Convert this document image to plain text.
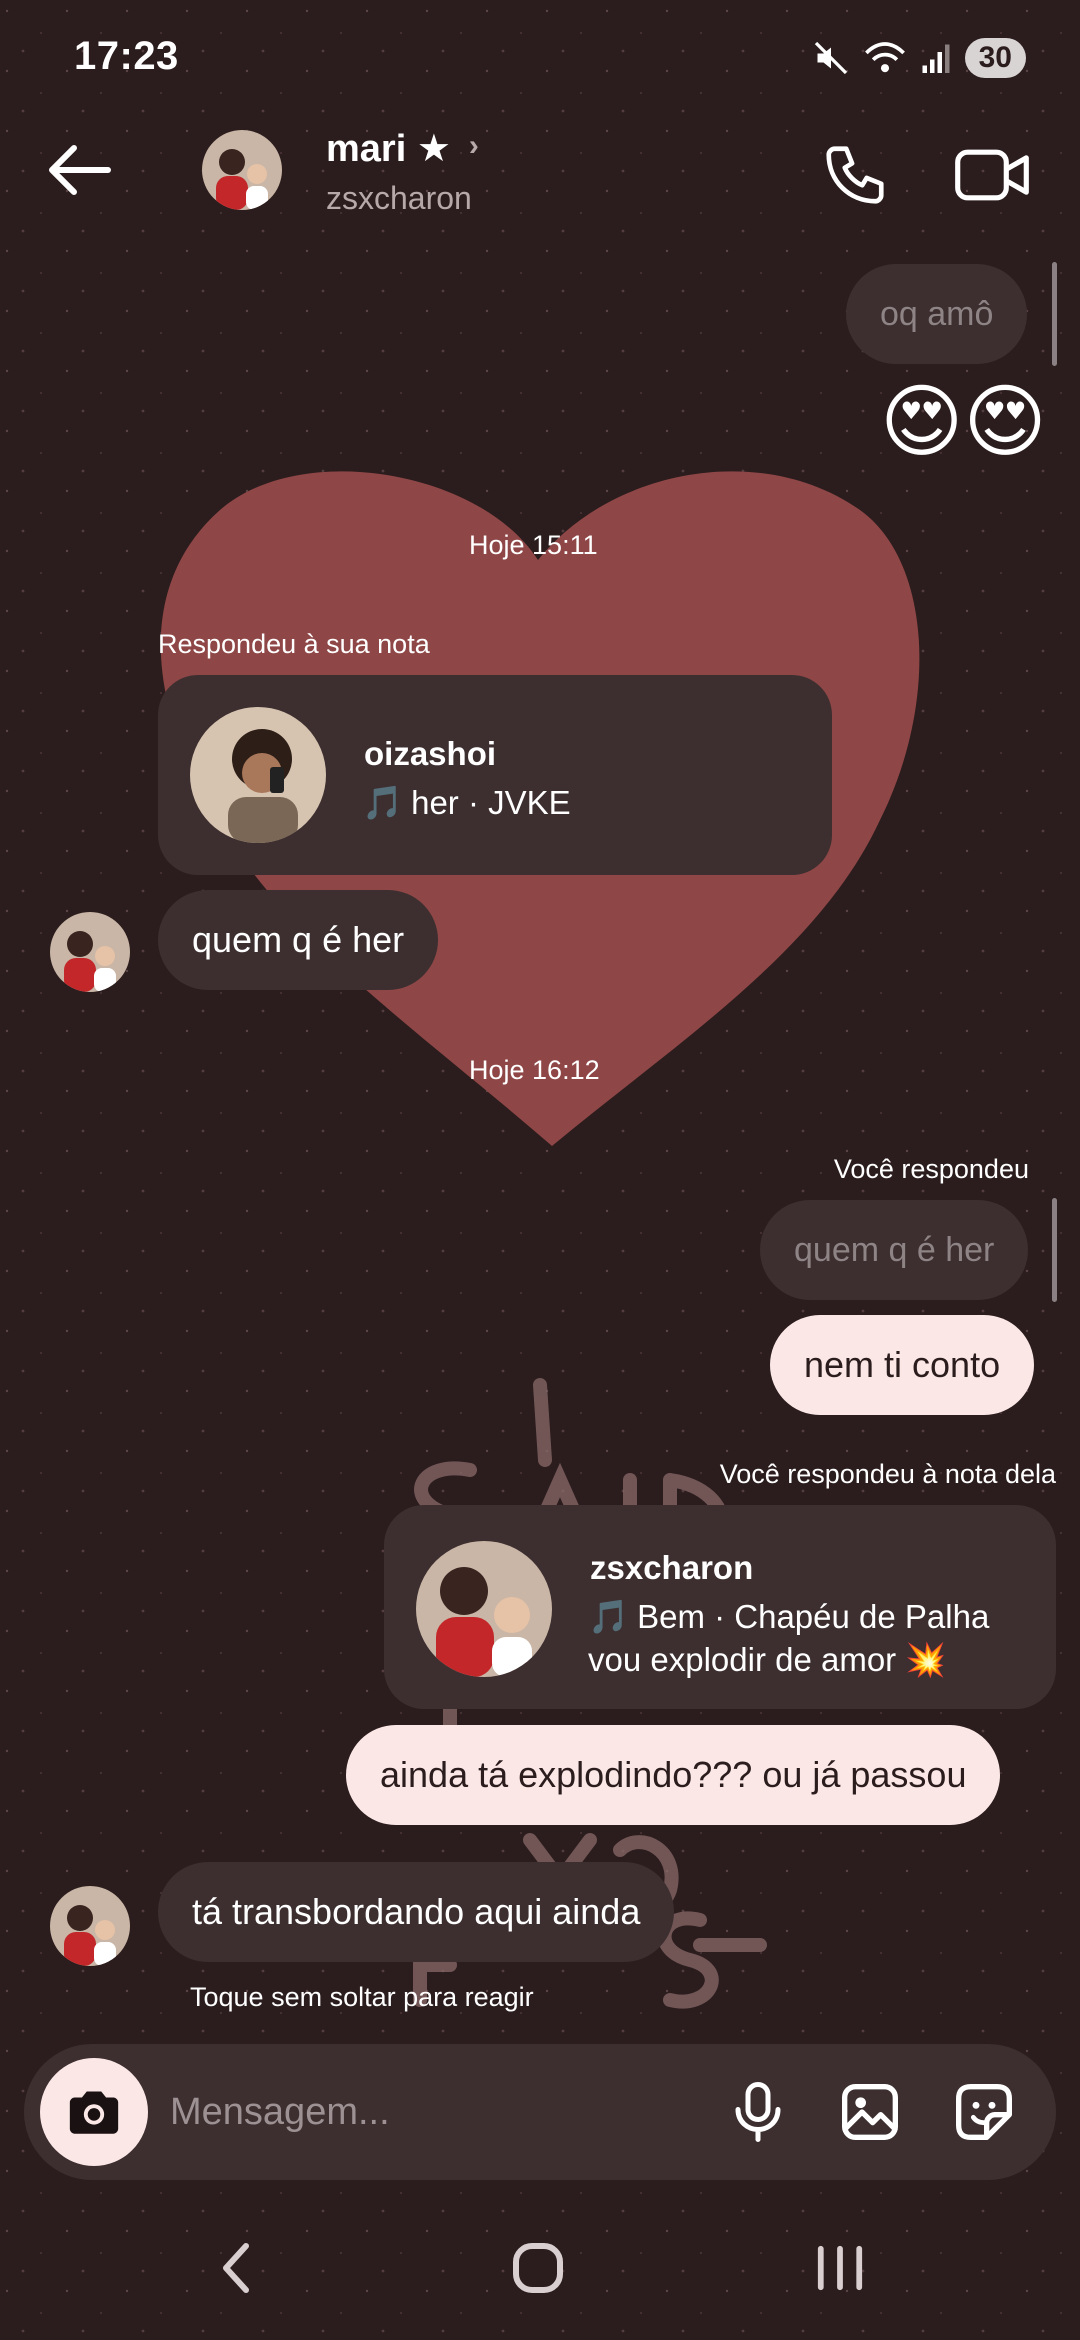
17:23	30
mari ★ ›
zsxcharon
oq amô
😍😍
Hoje 15:11
Respondeu à sua nota
oizashoi
🎵 her · JVKE
quem q é her
Hoje 16:12
Você respondeu
quem q é her
nem ti conto
Você respondeu à nota dela
zsxcharon
🎵 Bem · Chapéu de Palha
vou explodir de amor 💥
ainda tá explodindo??? ou já passou
tá transbordando aqui ainda
Toque sem soltar para reagir
Mensagem...
